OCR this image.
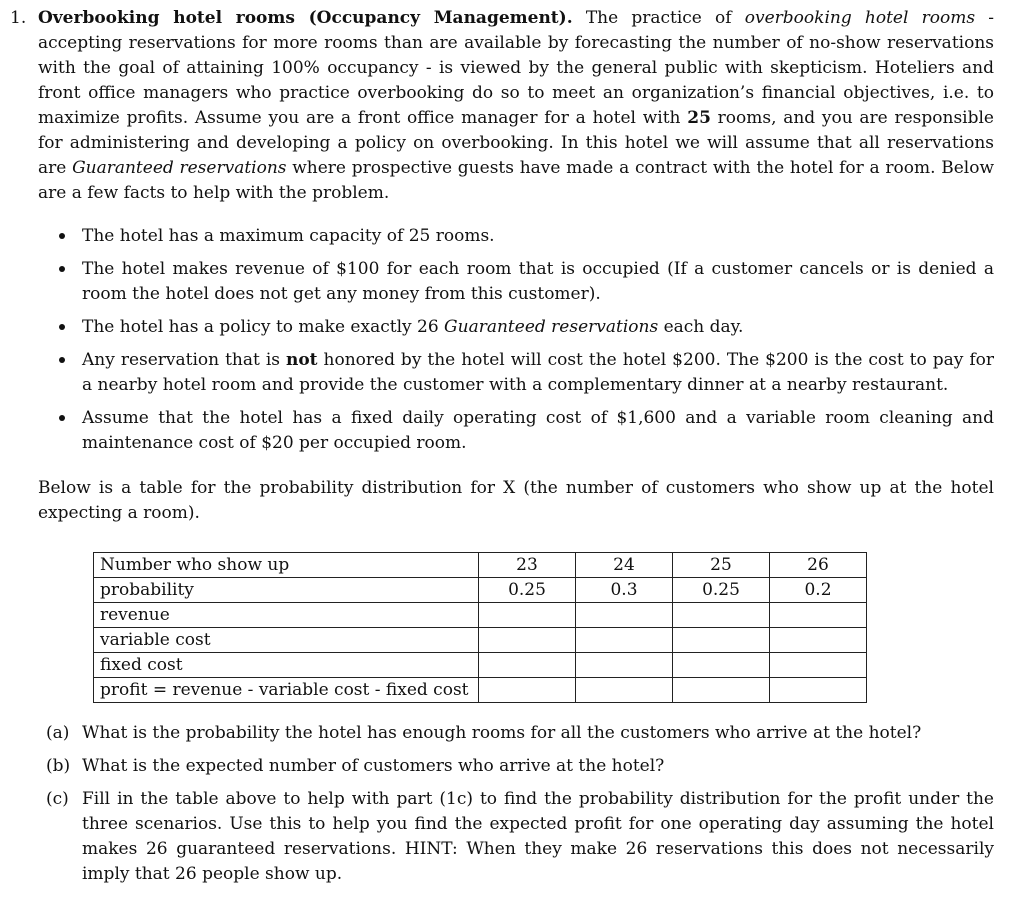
1. Overbooking hotel rooms (Occupancy Management). The practice of overbooking hotel rooms - accepting reservations for more rooms than are available by forecasting the number of no-show reservations with the goal of attaining 100% occupancy - is viewed by the general public with skepticism. Hoteliers and front office managers who practice overbooking do so to meet an organization’s financial objectives, i.e. to maximize profits. Assume you are a front office manager for a hotel with 25 rooms, and you are responsible for administering and developing a policy on overbooking. In this hotel we will assume that all reservations are Guaranteed reservations where prospective guests have made a contract with the hotel for a room. Below are a few facts to help with the problem.
The hotel has a maximum capacity of 25 rooms.
The hotel makes revenue of $100 for each room that is occupied (If a customer cancels or is denied a room the hotel does not get any money from this customer).
The hotel has a policy to make exactly 26 Guaranteed reservations each day.
Any reservation that is not honored by the hotel will cost the hotel $200. The $200 is the cost to pay for a nearby hotel room and provide the customer with a complementary dinner at a nearby restaurant.
Assume that the hotel has a fixed daily operating cost of $1,600 and a variable room cleaning and maintenance cost of $20 per occupied room.
Below is a table for the probability distribution for X (the number of customers who show up at the hotel expecting a room).
Number who show up	23	24	25	26
probability	0.25	0.3	0.25	0.2
revenue				
variable cost				
fixed cost				
profit = revenue - variable cost - fixed cost				
(a) What is the probability the hotel has enough rooms for all the customers who arrive at the hotel?
(b) What is the expected number of customers who arrive at the hotel?
(c) Fill in the table above to help with part (1c) to find the probability distribution for the profit under the three scenarios. Use this to help you find the expected profit for one operating day assuming the hotel makes 26 guaranteed reservations. HINT: When they make 26 reservations this does not necessarily imply that 26 people show up.
